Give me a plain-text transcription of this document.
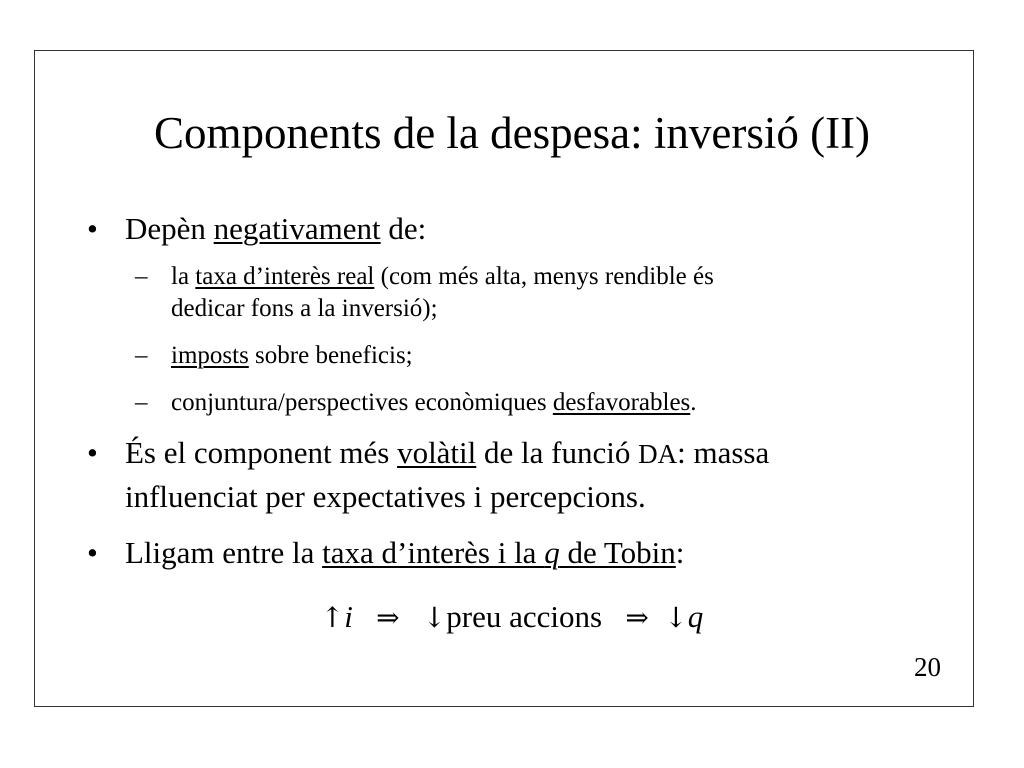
Components de la despesa: inversió (II)
• Depèn negativament de:
– la taxa d’interès real (com més alta, menys rendible és
dedicar fons a la inversió);
– imposts sobre beneficis;
– conjuntura/perspectives econòmiques desfavorables.
• És el component més volàtil de la funció DA: massa
influenciat per expectatives i percepcions.
• Lligam entre la taxa d’interès i la q de Tobin:
↑i ⇒ ↓preu accions ⇒ ↓q
20
